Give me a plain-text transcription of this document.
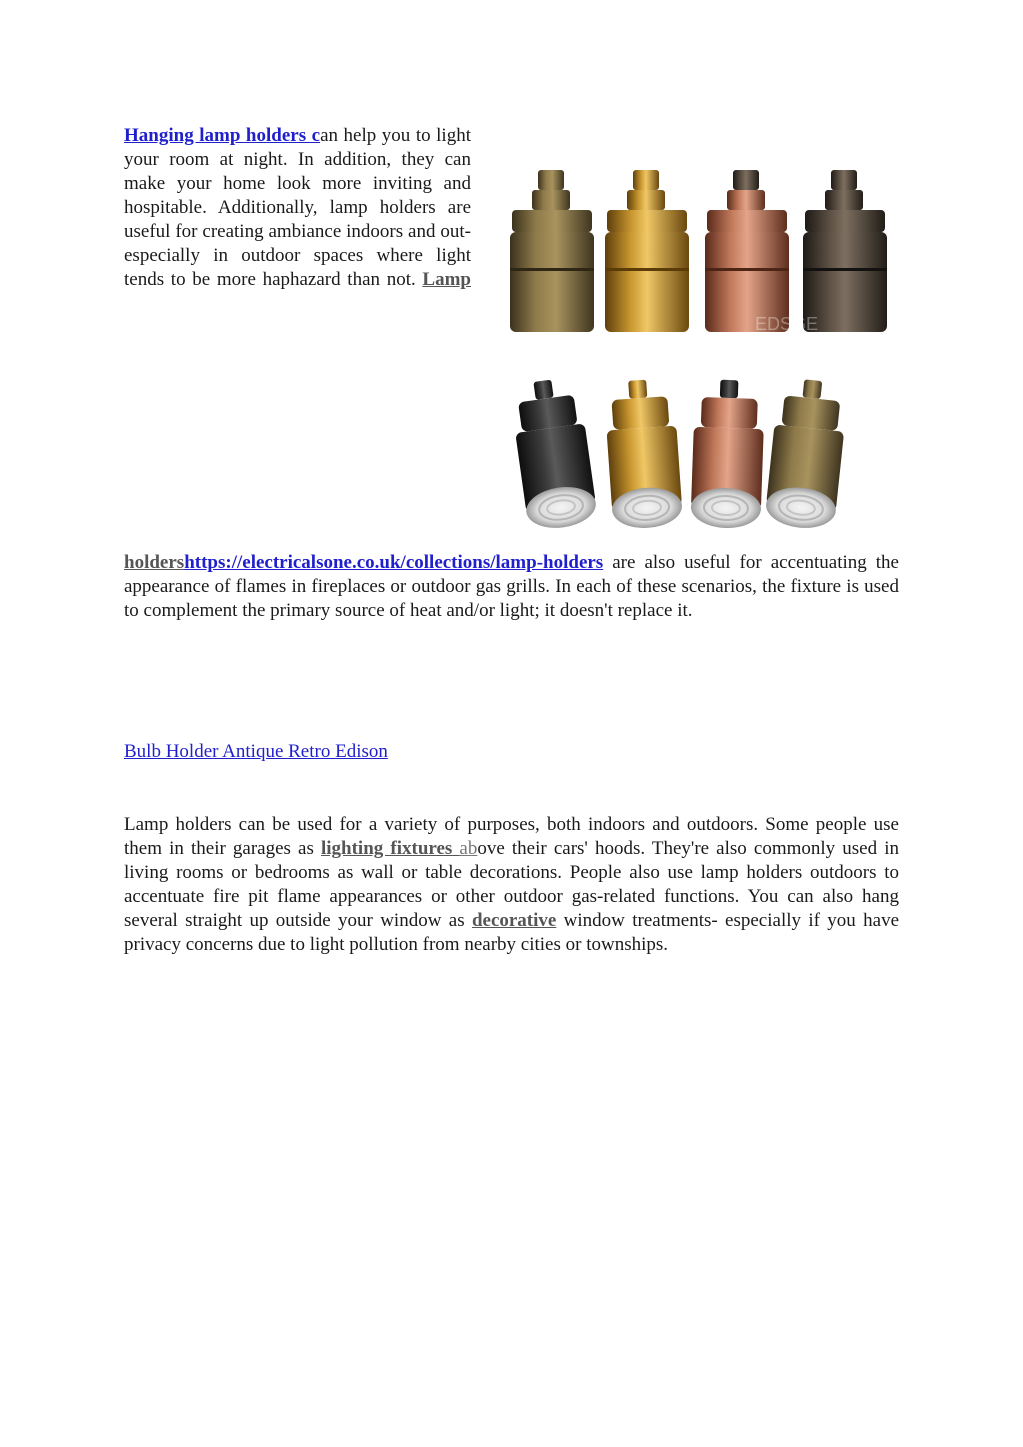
Hanging lamp holders can help you to light your room at night. In addition, they can make your home look more inviting and hospitable. Additionally, lamp holders are useful for creating ambiance indoors and out- especially in outdoor spaces where light tends to be more haphazard than not. Lamp

EDSGE

holdershttps://electricalsone.co.uk/collections/lamp-holders are also useful for accentuating the appearance of flames in fireplaces or outdoor gas grills. In each of these scenarios, the fixture is used to complement the primary source of heat and/or light; it doesn't replace it.

Bulb Holder Antique Retro Edison

Lamp holders can be used for a variety of purposes, both indoors and outdoors. Some people use them in their garages as lighting fixtures above their cars' hoods. They're also commonly used in living rooms or bedrooms as wall or table decorations. People also use lamp holders outdoors to accentuate fire pit flame appearances or other outdoor gas-related functions. You can also hang several straight up outside your window as decorative window treatments- especially if you have privacy concerns due to light pollution from nearby cities or townships.
